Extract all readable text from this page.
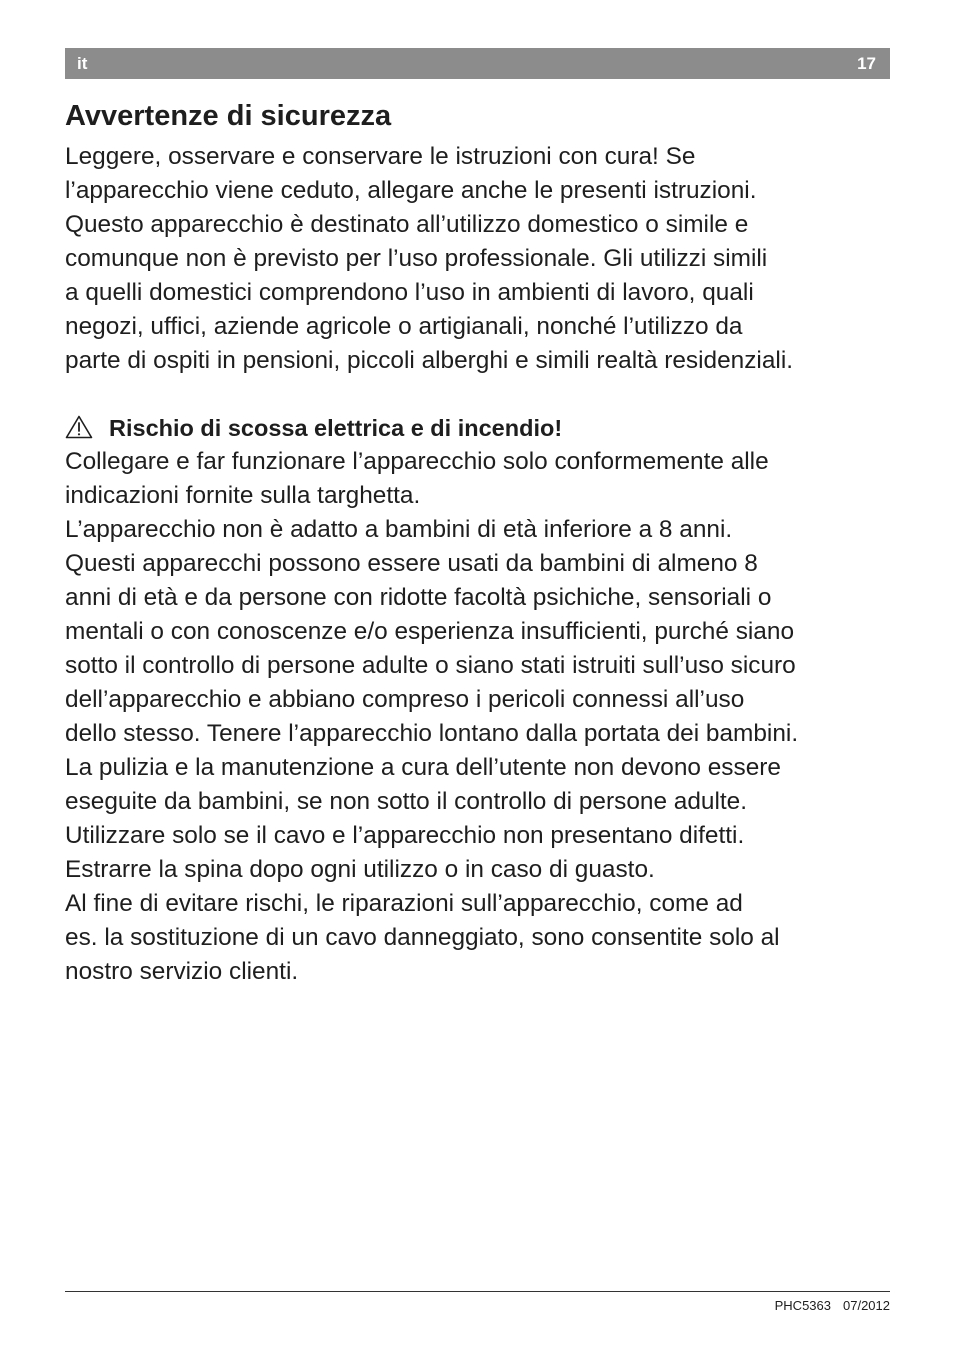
it	17
Avvertenze di sicurezza
Leggere, osservare e conservare le istruzioni con cura! Se
l’apparecchio viene ceduto, allegare anche le presenti istruzioni.
Questo apparecchio è destinato all’utilizzo domestico o simile e
comunque non è previsto per l’uso professionale. Gli utilizzi simili
a quelli domestici comprendono l’uso in ambienti di lavoro, quali
negozi, uffici, aziende agricole o artigianali, nonché l’utilizzo da
parte di ospiti in pensioni, piccoli alberghi e simili realtà residenziali.
Rischio di scossa elettrica e di incendio!
Collegare e far funzionare l’apparecchio solo conformemente alle
indicazioni fornite sulla targhetta.
L’apparecchio non è adatto a bambini di età inferiore a 8 anni.
Questi apparecchi possono essere usati da bambini di almeno 8
anni di età e da persone con ridotte facoltà psichiche, sensoriali o
mentali o con conoscenze e/o esperienza insufficienti, purché siano
sotto il controllo di persone adulte o siano stati istruiti sull’uso sicuro
dell’apparecchio e abbiano compreso i pericoli connessi all’uso
dello stesso. Tenere l’apparecchio lontano dalla portata dei bambini.
La pulizia e la manutenzione a cura dell’utente non devono essere
eseguite da bambini, se non sotto il controllo di persone adulte.
Utilizzare solo se il cavo e l’apparecchio non presentano difetti.
Estrarre la spina dopo ogni utilizzo o in caso di guasto.
Al fine di evitare rischi, le riparazioni sull’apparecchio, come ad
es. la sostituzione di un cavo danneggiato, sono consentite solo al
nostro servizio clienti.
PHC5363 07/2012
